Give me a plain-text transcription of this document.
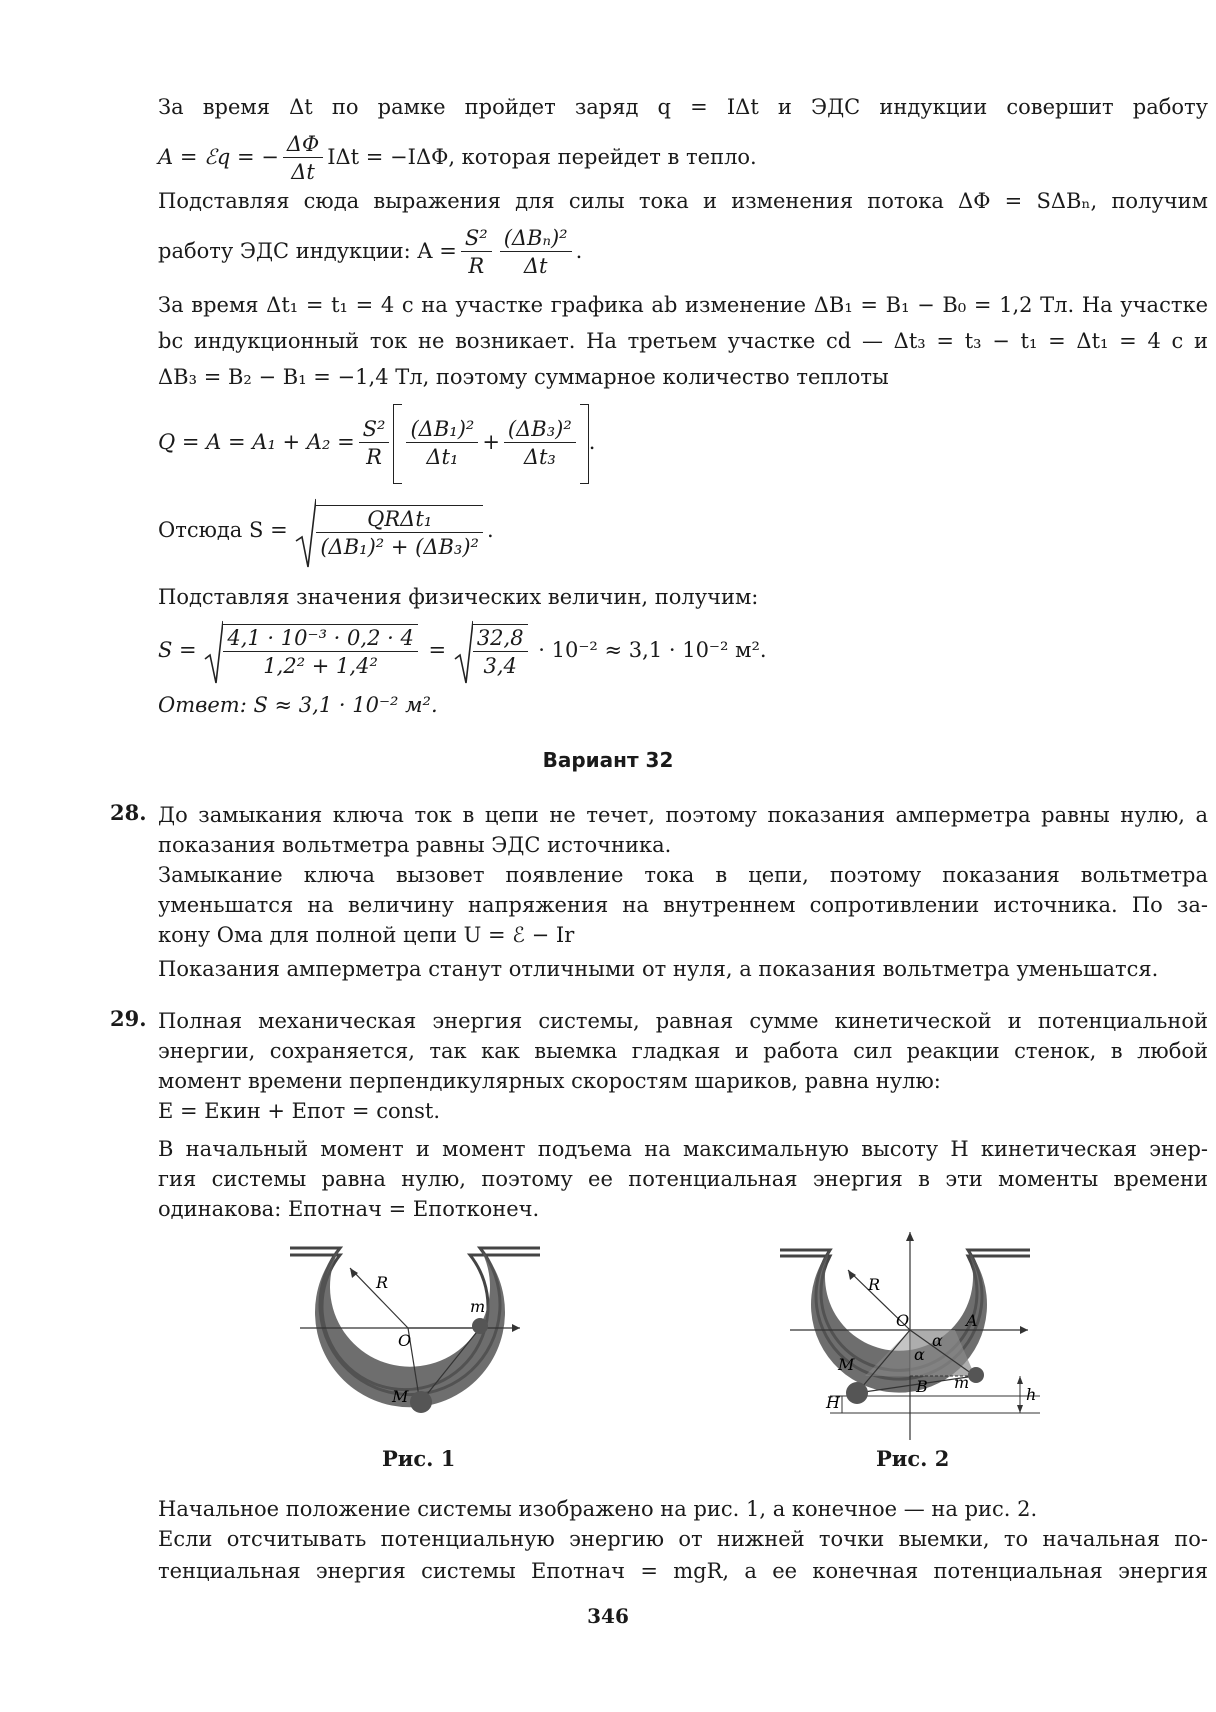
За время Δt по рамке пройдет заряд q = IΔt и ЭДС индукции совершит работу
A = ℰq = − $\frac{\Delta\Phi}{\Delta t}$ IΔt = −IΔΦ, которая перейдет в тепло.
Подставляя сюда выражения для силы тока и изменения потока ΔΦ = SΔBₙ, получим
работу ЭДС индукции: $A = \frac{\text{S²}}{R} \frac{\text{(ΔBₙ)²}}{\Delta t}$ .
За время Δt₁ = t₁ = 4 с на участке графика ab изменение ΔB₁ = B₁ − B₀ = 1,2 Тл. На участке
bc индукционный ток не возникает. На третьем участке cd — Δt₃ = t₃ − t₁ = Δt₁ = 4 с и
ΔB₃ = B₂ − B₁ = −1,4 Тл, поэтому суммарное количество теплоты
$Q = A = A_1 + A_2 = \frac{\text{S²}}{R} \frac{\text{(ΔB₁)²}}{\text{Δt₁}} + \frac{\text{(ΔB₃)²}}{\text{Δt₃}}$ .
Отсюда $S = \frac{\text{QRΔt₁}}{\text{(ΔB₁)² + (ΔB₃)²}}$ .
Подставляя значения физических величин, получим:
$S = \frac{\text{4,1 · 10⁻³ · 0,2 · 4}}{\text{1,2² + 1,4²}} = \frac{32,8}{3,4} \cdot 10^{-2} \approx 3,1 \cdot 10^{-2}$ м².
Ответ: S ≈ 3,1 · 10⁻² м².
Вариант 32
28. До замыкания ключа ток в цепи не течет, поэтому показания амперметра равны нулю, а
показания вольтметра равны ЭДС источника.
Замыкание ключа вызовет появление тока в цепи, поэтому показания вольтметра
уменьшатся на величину напряжения на внутреннем сопротивлении источника. По за-
кону Ома для полной цепи U = ℰ − Ir
Показания амперметра станут отличными от нуля, а показания вольтметра уменьшатся.
29. Полная механическая энергия системы, равная сумме кинетической и потенциальной
энергии, сохраняется, так как выемка гладкая и работа сил реакции стенок, в любой
момент времени перпендикулярных скоростям шариков, равна нулю:
E = Eкин + Eпот = const.
В начальный момент и момент подъема на максимальную высоту H кинетическая энер-
гия системы равна нулю, поэтому ее потенциальная энергия в эти моменты времени
одинакова: Eпотнач = Eпотконеч.
R
O
m
M
Рис. 1
R
O	A
α
α
M
m
B
H	h
Рис. 2
Начальное положение системы изображено на рис. 1, а конечное — на рис. 2.
Если отсчитывать потенциальную энергию от нижней точки выемки, то начальная по-
тенциальная энергия системы Eпотнач = mgR, а ее конечная потенциальная энергия
346
